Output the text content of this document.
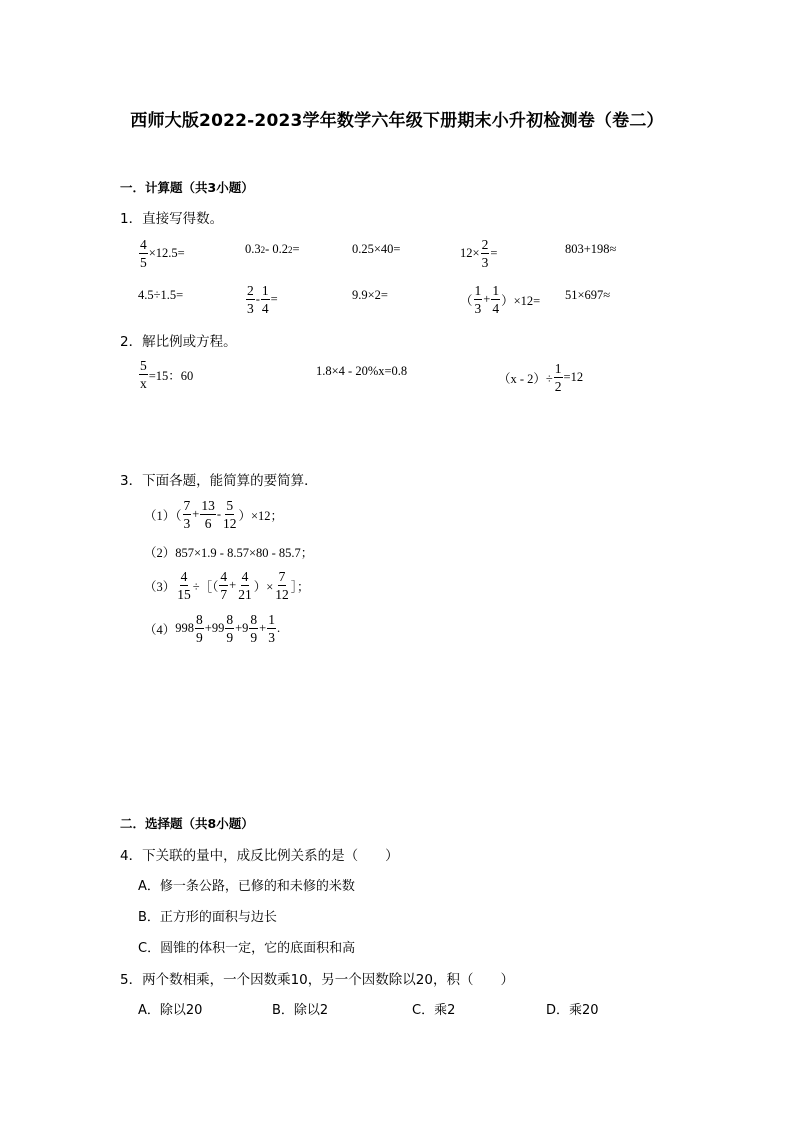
西师大版2022-2023学年数学六年级下册期末小升初检测卷（卷二）
一．计算题（共3小题）
1．直接写得数。
$\frac{4}{5} \times 12.5=$	0.3 2 - 0.2 2 =	0.25×40=	$12\times \frac{2}{3}$ =	803+198≈
4.5÷1.5=	$\frac{2}{3} - \frac{1}{4}$ =	9.9×2=	（ $\frac{1}{3} + \frac{1}{4} )\times 12= 51\times 697\approx$
2．解比例或方程。
$\frac{5}{x} =15$：60	1.8×4 - 20%x=0.8
$(x - 2)\div \frac{1}{2} =12$
3．下面各题，能简算的要简算．
$(1)( \frac{7}{3} + \frac{13}{6} - \frac{5}{12} )\times 12$；
（2）857×1.9 - 8.57×80 - 85.7；
$(3) \frac{4}{15}$ ÷［（ $\frac{4}{7} + \frac{4}{21}$ ）× $\frac{7}{12}$ ］；
（4） $998 \frac{8}{9} +99 \frac{8}{9} +9 \frac{8}{9} + \frac{1}{3}$ .
二．选择题（共8小题）
4．下关联的量中，成反比例关系的是（　　）
A．修一条公路，已修的和未修的米数
B．正方形的面积与边长
C．圆锥的体积一定，它的底面积和高
5．两个数相乘，一个因数乘10，另一个因数除以20，积（　　）
A．除以20	B．除以2	C．乘2	D．乘20
